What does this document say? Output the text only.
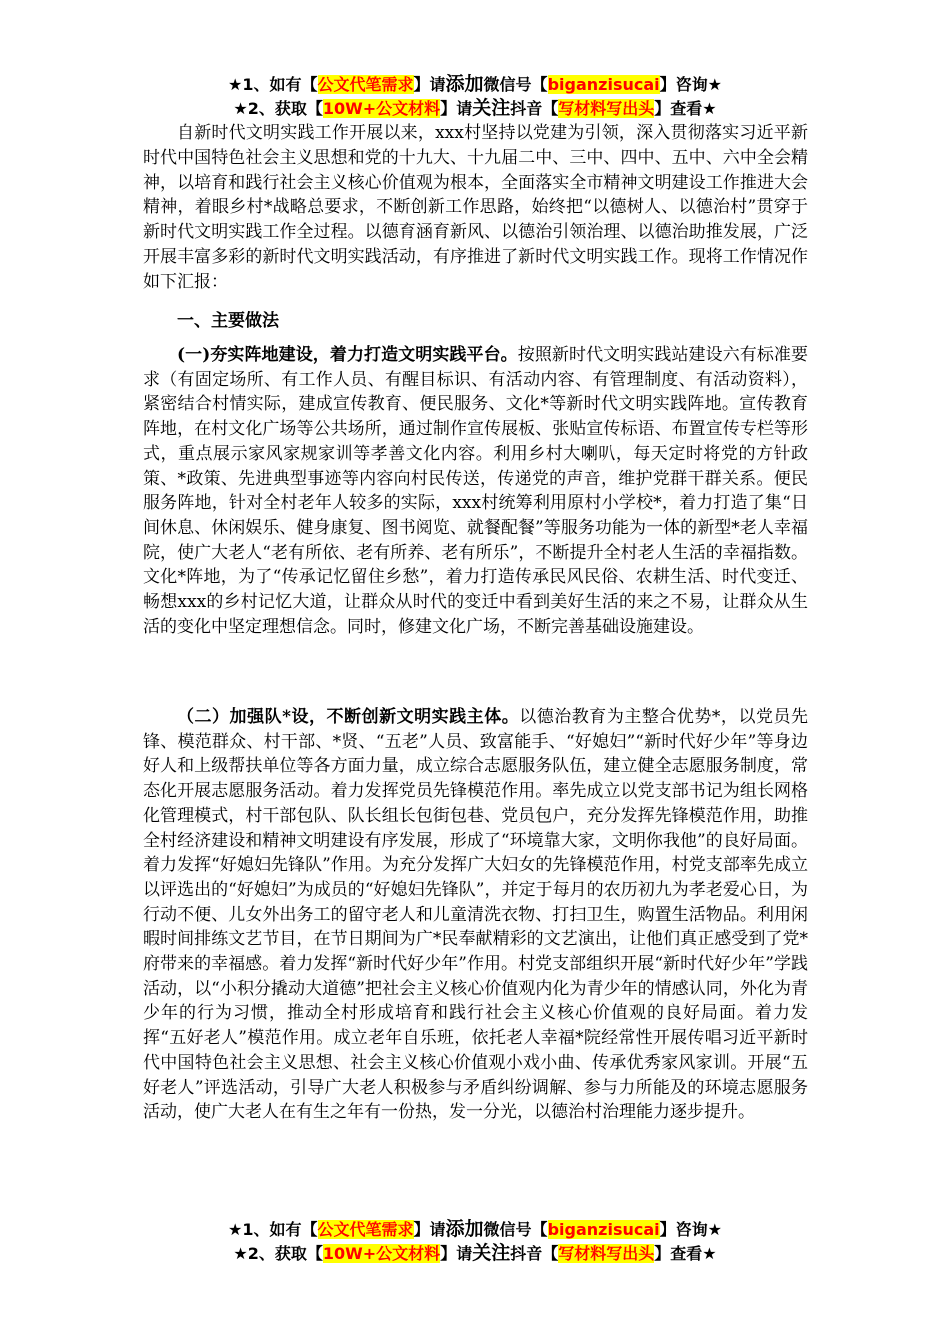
★1、如有【公文代笔需求】请添加微信号【biganzisucai】咨询★
★2、获取【10W+公文材料】请关注抖音【写材料写出头】查看★

自新时代文明实践工作开展以来，xxx村坚持以党建为引领，深入贯彻落实习近平新时代中国特色社会主义思想和党的十九大、十九届二中、三中、四中、五中、六中全会精神，以培育和践行社会主义核心价值观为根本，全面落实全市精神文明建设工作推进大会精神，着眼乡村*战略总要求，不断创新工作思路，始终把“以德树人、以德治村”贯穿于新时代文明实践工作全过程。以德育涵育新风、以德治引领治理、以德治助推发展，广泛开展丰富多彩的新时代文明实践活动，有序推进了新时代文明实践工作。现将工作情况作如下汇报：

一、主要做法

(一)夯实阵地建设，着力打造文明实践平台。按照新时代文明实践站建设六有标准要求（有固定场所、有工作人员、有醒目标识、有活动内容、有管理制度、有活动资料），紧密结合村情实际，建成宣传教育、便民服务、文化*等新时代文明实践阵地。宣传教育阵地，在村文化广场等公共场所，通过制作宣传展板、张贴宣传标语、布置宣传专栏等形式，重点展示家风家规家训等孝善文化内容。利用乡村大喇叭，每天定时将党的方针政策、*政策、先进典型事迹等内容向村民传送，传递党的声音，维护党群干群关系。便民服务阵地，针对全村老年人较多的实际，xxx村统筹利用原村小学校*，着力打造了集“日间休息、休闲娱乐、健身康复、图书阅览、就餐配餐”等服务功能为一体的新型*老人幸福院，使广大老人“老有所依、老有所养、老有所乐”，不断提升全村老人生活的幸福指数。文化*阵地，为了“传承记忆留住乡愁”，着力打造传承民风民俗、农耕生活、时代变迁、畅想xxx的乡村记忆大道，让群众从时代的变迁中看到美好生活的来之不易，让群众从生活的变化中坚定理想信念。同时，修建文化广场，不断完善基础设施建设。

（二）加强队*设，不断创新文明实践主体。以德治教育为主整合优势*，以党员先锋、模范群众、村干部、*贤、“五老”人员、致富能手、“好媳妇”“新时代好少年”等身边好人和上级帮扶单位等各方面力量，成立综合志愿服务队伍，建立健全志愿服务制度，常态化开展志愿服务活动。着力发挥党员先锋模范作用。率先成立以党支部书记为组长网格化管理模式，村干部包队、队长组长包街包巷、党员包户，充分发挥先锋模范作用，助推全村经济建设和精神文明建设有序发展，形成了“环境靠大家，文明你我他”的良好局面。着力发挥“好媳妇先锋队”作用。为充分发挥广大妇女的先锋模范作用，村党支部率先成立以评选出的“好媳妇”为成员的“好媳妇先锋队”，并定于每月的农历初九为孝老爱心日，为行动不便、儿女外出务工的留守老人和儿童清洗衣物、打扫卫生，购置生活物品。利用闲暇时间排练文艺节目，在节日期间为广*民奉献精彩的文艺演出，让他们真正感受到了党*府带来的幸福感。着力发挥“新时代好少年”作用。村党支部组织开展“新时代好少年”学践活动，以“小积分撬动大道德”把社会主义核心价值观内化为青少年的情感认同，外化为青少年的行为习惯，推动全村形成培育和践行社会主义核心价值观的良好局面。着力发挥“五好老人”模范作用。成立老年自乐班，依托老人幸福*院经常性开展传唱习近平新时代中国特色社会主义思想、社会主义核心价值观小戏小曲、传承优秀家风家训。开展“五好老人”评选活动，引导广大老人积极参与矛盾纠纷调解、参与力所能及的环境志愿服务活动，使广大老人在有生之年有一份热，发一分光，以德治村治理能力逐步提升。

★1、如有【公文代笔需求】请添加微信号【biganzisucai】咨询★
★2、获取【10W+公文材料】请关注抖音【写材料写出头】查看★
